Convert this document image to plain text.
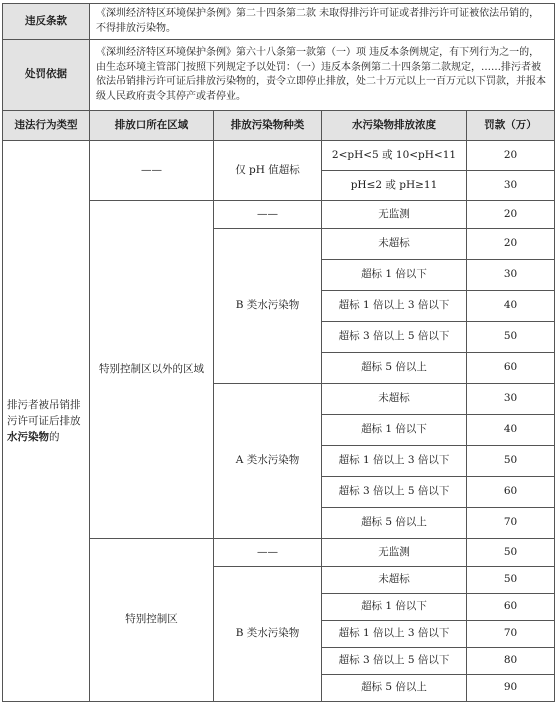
违反条款	《深圳经济特区环境保护条例》第二十四条第二款 未取得排污许可证或者排污许可证被依法吊销的，不得排放污染物。			
处罚依据	《深圳经济特区环境保护条例》第六十八条第一款第（一）项 违反本条例规定，有下列行为之一的，由生态环境主管部门按照下列规定予以处罚：（一）违反本条例第二十四条第二款规定，……排污者被依法吊销排污许可证后排放污染物的，责令立即停止排放，处二十万元以上一百万元以下罚款，并报本级人民政府责令其停产或者停业。			
违法行为类型	排放口所在区域	排放污染物种类	水污染物排放浓度	罚款（万）
排污者被吊销排污许可证后排放水污染物的	——	仅 pH 值超标	2<pH<5 或 10<pH<11	20
			pH≤2 或 pH≥11	30
	特别控制区以外的区域	——	无监测	20
		B 类水污染物	未超标	20
			超标 1 倍以下	30
			超标 1 倍以上 3 倍以下	40
			超标 3 倍以上 5 倍以下	50
			超标 5 倍以上	60
		A 类水污染物	未超标	30
			超标 1 倍以下	40
			超标 1 倍以上 3 倍以下	50
			超标 3 倍以上 5 倍以下	60
			超标 5 倍以上	70
	特别控制区	——	无监测	50
		B 类水污染物	未超标	50
			超标 1 倍以下	60
			超标 1 倍以上 3 倍以下	70
			超标 3 倍以上 5 倍以下	80
			超标 5 倍以上	90
